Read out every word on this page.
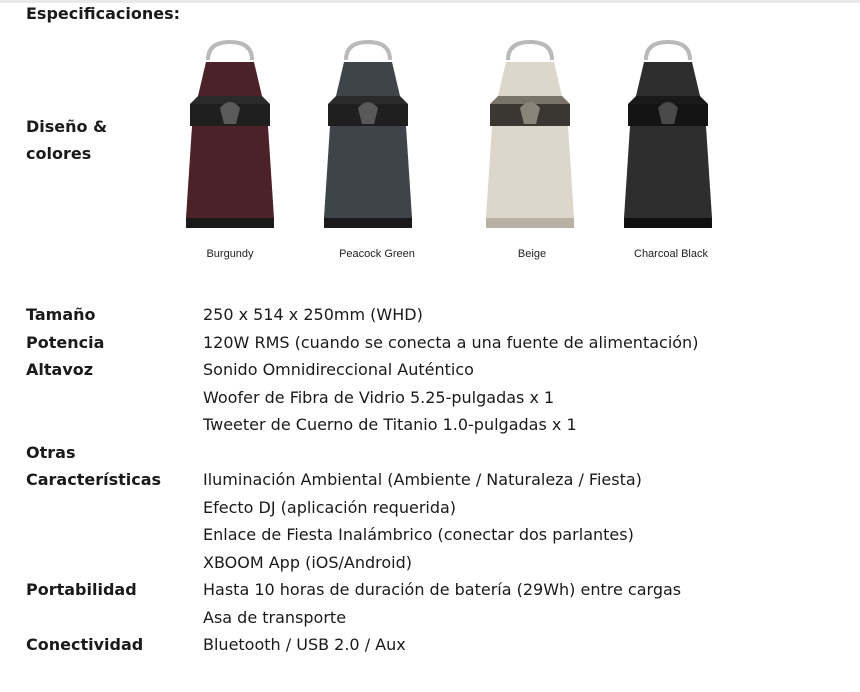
Especificaciones:
Diseño & colores
Burgundy	Peacock Green	Beige	Charcoal Black
Tamaño	250 x 514 x 250mm (WHD)
Potencia	120W RMS (cuando se conecta a una fuente de alimentación)
Altavoz	Sonido Omnidireccional Auténtico
Woofer de Fibra de Vidrio 5.25-pulgadas x 1
Tweeter de Cuerno de Titanio 1.0-pulgadas x 1
Otras
Características	Iluminación Ambiental (Ambiente / Naturaleza / Fiesta)
Efecto DJ (aplicación requerida)
Enlace de Fiesta Inalámbrico (conectar dos parlantes)
XBOOM App (iOS/Android)
Portabilidad	Hasta 10 horas de duración de batería (29Wh) entre cargas
Asa de transporte
Conectividad	Bluetooth / USB 2.0 / Aux
